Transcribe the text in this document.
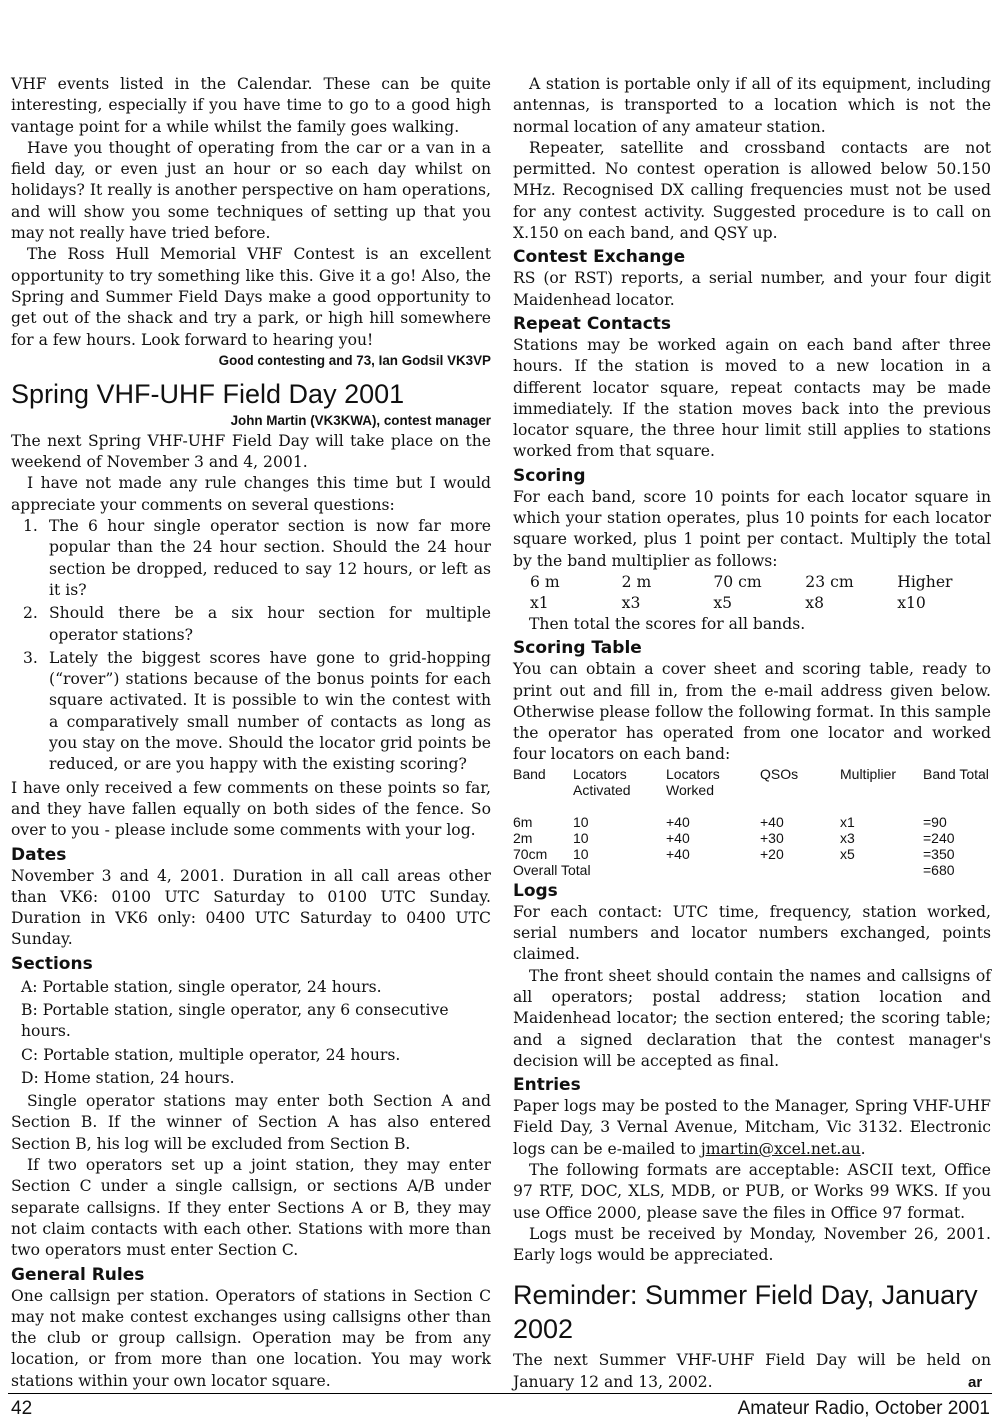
VHF events listed in the Calendar. These can be quite interesting, especially if you have time to go to a good high vantage point for a while whilst the family goes walking.

Have you thought of operating from the car or a van in a field day, or even just an hour or so each day whilst on holidays? It really is another perspective on ham operations, and will show you some techniques of setting up that you may not really have tried before.

The Ross Hull Memorial VHF Contest is an excellent opportunity to try something like this. Give it a go! Also, the Spring and Summer Field Days make a good opportunity to get out of the shack and try a park, or high hill somewhere for a few hours. Look forward to hearing you!

Good contesting and 73, Ian Godsil VK3VP
Spring VHF-UHF Field Day 2001
John Martin (VK3KWA), contest manager

The next Spring VHF-UHF Field Day will take place on the weekend of November 3 and 4, 2001.

I have not made any rule changes this time but I would appreciate your comments on several questions:

1. The 6 hour single operator section is now far more popular than the 24 hour section. Should the 24 hour section be dropped, reduced to say 12 hours, or left as it is?
2. Should there be a six hour section for multiple operator stations?
3. Lately the biggest scores have gone to grid-hopping (“rover”) stations because of the bonus points for each square activated. It is possible to win the contest with a comparatively small number of contacts as long as you stay on the move. Should the locator grid points be reduced, or are you happy with the existing scoring?

I have only received a few comments on these points so far, and they have fallen equally on both sides of the fence. So over to you - please include some comments with your log.

Dates

November 3 and 4, 2001. Duration in all call areas other than VK6: 0100 UTC Saturday to 0100 UTC Sunday. Duration in VK6 only: 0400 UTC Saturday to 0400 UTC Sunday.

Sections
A: Portable station, single operator, 24 hours.
B: Portable station, single operator, any 6 consecutive hours.
C: Portable station, multiple operator, 24 hours.
D: Home station, 24 hours.

Single operator stations may enter both Section A and Section B. If the winner of Section A has also entered Section B, his log will be excluded from Section B.

If two operators set up a joint station, they may enter Section C under a single callsign, or sections A/B under separate callsigns. If they enter Sections A or B, they may not claim contacts with each other. Stations with more than two operators must enter Section C.

General Rules

One callsign per station. Operators of stations in Section C may not make contest exchanges using callsigns other than the club or group callsign. Operation may be from any location, or from more than one location. You may work stations within your own locator square.

A station is portable only if all of its equipment, including antennas, is transported to a location which is not the normal location of any amateur station.

Repeater, satellite and crossband contacts are not permitted. No contest operation is allowed below 50.150 MHz. Recognised DX calling frequencies must not be used for any contest activity. Suggested procedure is to call on X.150 on each band, and QSY up.

Contest Exchange

RS (or RST) reports, a serial number, and your four digit Maidenhead locator.

Repeat Contacts

Stations may be worked again on each band after three hours. If the station is moved to a new location in a different locator square, repeat contacts may be made immediately. If the station moves back into the previous locator square, the three hour limit still applies to stations worked from that square.

Scoring

For each band, score 10 points for each locator square in which your station operates, plus 10 points for each locator square worked, plus 1 point per contact. Multiply the total by the band multiplier as follows:

6 m	2 m	70 cm	23 cm	Higher
x1	x3	x5	x8	x10

Then total the scores for all bands.

Scoring Table

You can obtain a cover sheet and scoring table, ready to print out and fill in, from the e-mail address given below. Otherwise please follow the following format. In this sample the operator has operated from one locator and worked four locators on each band:

Band	Locators Activated	Locators Worked	QSOs	Multiplier	Band Total

6m	10	+40	+40	x1	=90
2m	10	+40	+30	x3	=240
70cm	10	+40	+20	x5	=350
Overall Total					=680
Logs

For each contact: UTC time, frequency, station worked, serial numbers and locator numbers exchanged, points claimed.

The front sheet should contain the names and callsigns of all operators; postal address; station location and Maidenhead locator; the section entered; the scoring table; and a signed declaration that the contest manager's decision will be accepted as final.

Entries

Paper logs may be posted to the Manager, Spring VHF-UHF Field Day, 3 Vernal Avenue, Mitcham, Vic 3132. Electronic logs can be e-mailed to jmartin@xcel.net.au.

The following formats are acceptable: ASCII text, Office 97 RTF, DOC, XLS, MDB, or PUB, or Works 99 WKS. If you use Office 2000, please save the files in Office 97 format.

Logs must be received by Monday, November 26, 2001. Early logs would be appreciated.

Reminder: Summer Field Day, January 2002

The next Summer VHF-UHF Field Day will be held on January 12 and 13, 2002.	ar
42	Amateur Radio, October 2001
